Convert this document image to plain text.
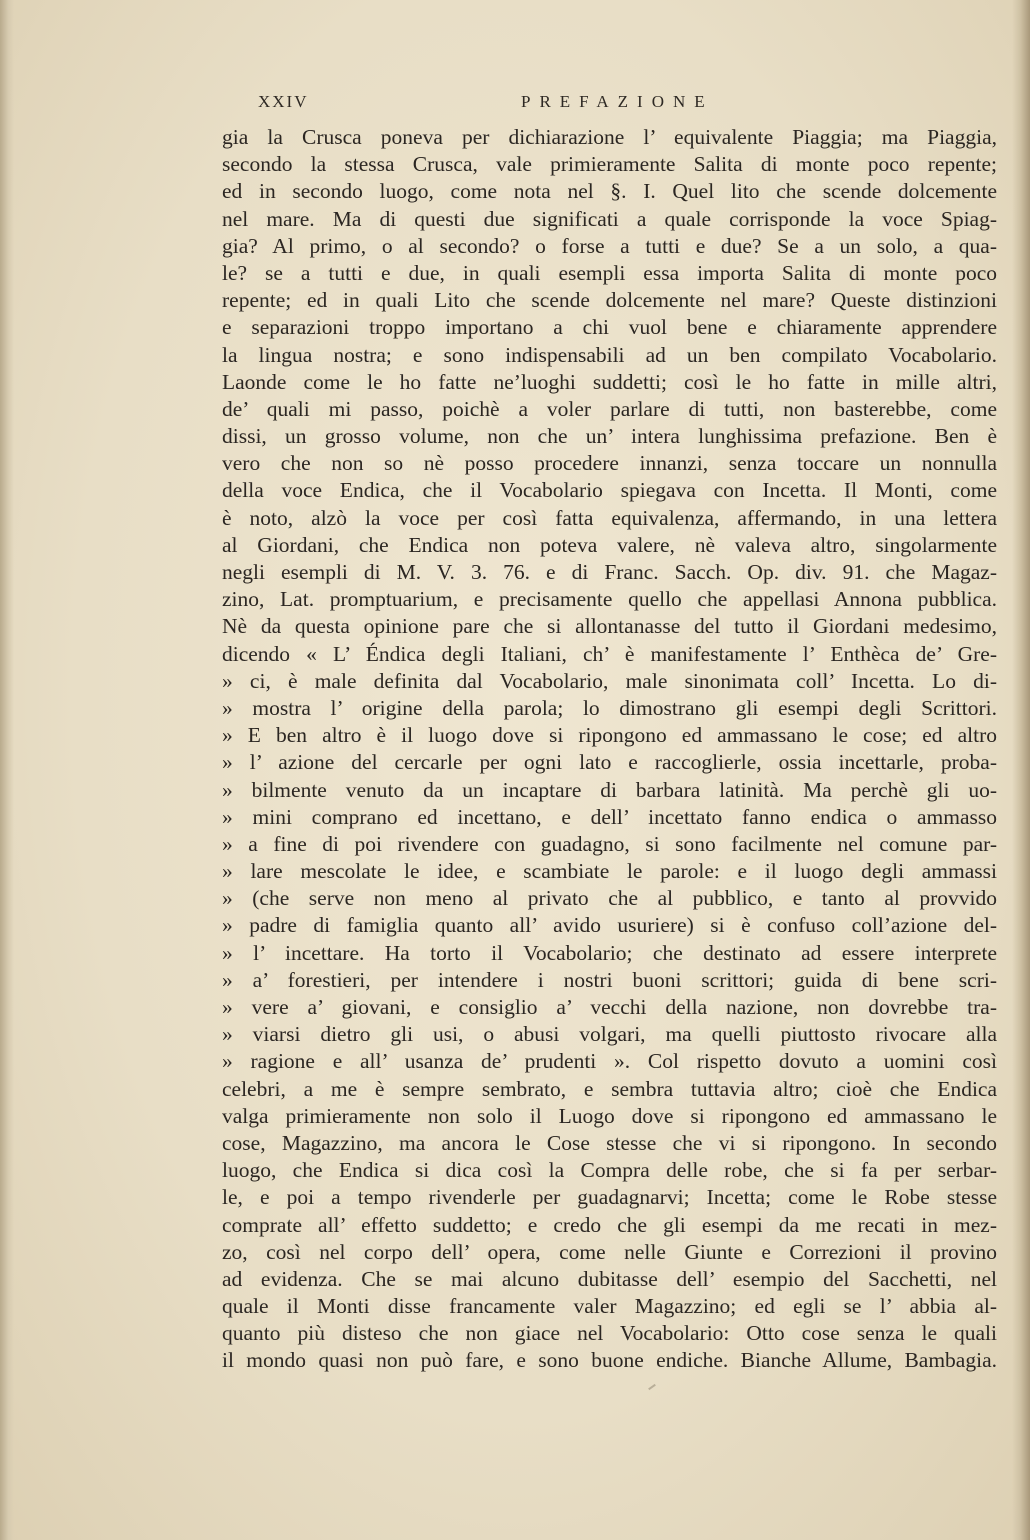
XXIV	PREFAZIONE
gia la Crusca poneva per dichiarazione l’ equivalente Piaggia; ma Piaggia,
secondo la stessa Crusca, vale primieramente Salita di monte poco repente;
ed in secondo luogo, come nota nel §. I. Quel lito che scende dolcemente
nel mare. Ma di questi due significati a quale corrisponde la voce Spiag-
gia? Al primo, o al secondo? o forse a tutti e due? Se a un solo, a qua-
le? se a tutti e due, in quali esempli essa importa Salita di monte poco
repente; ed in quali Lito che scende dolcemente nel mare? Queste distinzioni
e separazioni troppo importano a chi vuol bene e chiaramente apprendere
la lingua nostra; e sono indispensabili ad un ben compilato Vocabolario.
Laonde come le ho fatte ne’luoghi suddetti; così le ho fatte in mille altri,
de’ quali mi passo, poichè a voler parlare di tutti, non basterebbe, come
dissi, un grosso volume, non che un’ intera lunghissima prefazione. Ben è
vero che non so nè posso procedere innanzi, senza toccare un nonnulla
della voce Endica, che il Vocabolario spiegava con Incetta. Il Monti, come
è noto, alzò la voce per così fatta equivalenza, affermando, in una lettera
al Giordani, che Endica non poteva valere, nè valeva altro, singolarmente
negli esempli di M. V. 3. 76. e di Franc. Sacch. Op. div. 91. che Magaz-
zino, Lat. promptuarium, e precisamente quello che appellasi Annona pubblica.
Nè da questa opinione pare che si allontanasse del tutto il Giordani medesimo,
dicendo « L’ Éndica degli Italiani, ch’ è manifestamente l’ Enthèca de’ Gre-
» ci, è male definita dal Vocabolario, male sinonimata coll’ Incetta. Lo di-
» mostra l’ origine della parola; lo dimostrano gli esempi degli Scrittori.
» E ben altro è il luogo dove si ripongono ed ammassano le cose; ed altro
» l’ azione del cercarle per ogni lato e raccoglierle, ossia incettarle, proba-
» bilmente venuto da un incaptare di barbara latinità. Ma perchè gli uo-
» mini comprano ed incettano, e dell’ incettato fanno endica o ammasso
» a fine di poi rivendere con guadagno, si sono facilmente nel comune par-
» lare mescolate le idee, e scambiate le parole: e il luogo degli ammassi
» (che serve non meno al privato che al pubblico, e tanto al provvido
» padre di famiglia quanto all’ avido usuriere) si è confuso coll’azione del-
» l’ incettare. Ha torto il Vocabolario; che destinato ad essere interprete
» a’ forestieri, per intendere i nostri buoni scrittori; guida di bene scri-
» vere a’ giovani, e consiglio a’ vecchi della nazione, non dovrebbe tra-
» viarsi dietro gli usi, o abusi volgari, ma quelli piuttosto rivocare alla
» ragione e all’ usanza de’ prudenti ». Col rispetto dovuto a uomini così
celebri, a me è sempre sembrato, e sembra tuttavia altro; cioè che Endica
valga primieramente non solo il Luogo dove si ripongono ed ammassano le
cose, Magazzino, ma ancora le Cose stesse che vi si ripongono. In secondo
luogo, che Endica si dica così la Compra delle robe, che si fa per serbar-
le, e poi a tempo rivenderle per guadagnarvi; Incetta; come le Robe stesse
comprate all’ effetto suddetto; e credo che gli esempi da me recati in mez-
zo, così nel corpo dell’ opera, come nelle Giunte e Correzioni il provino
ad evidenza. Che se mai alcuno dubitasse dell’ esempio del Sacchetti, nel
quale il Monti disse francamente valer Magazzino; ed egli se l’ abbia al-
quanto più disteso che non giace nel Vocabolario: Otto cose senza le quali
il mondo quasi non può fare, e sono buone endiche. Bianche Allume, Bambagia.
